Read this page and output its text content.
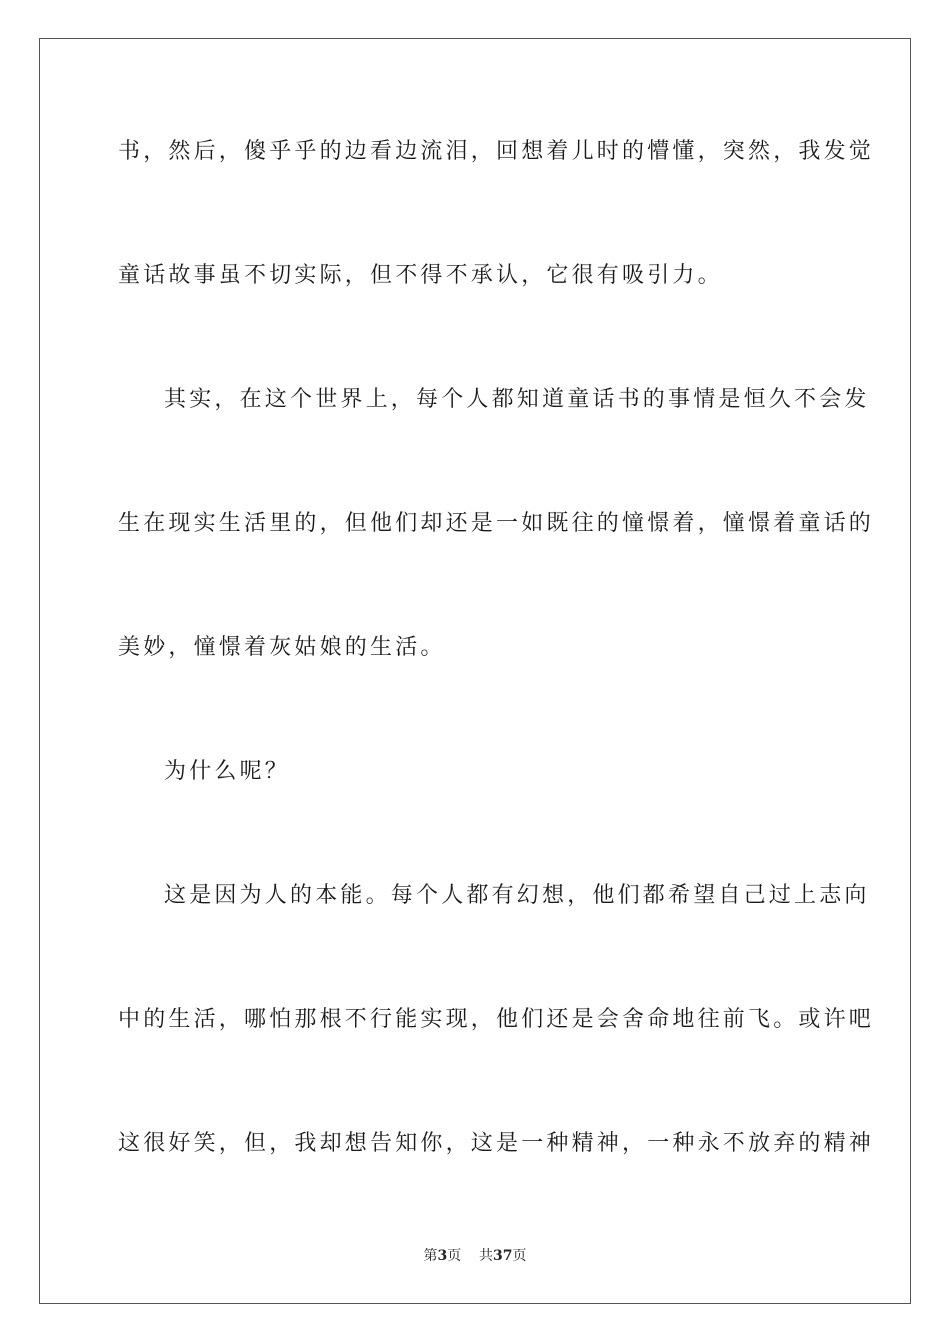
书，然后，傻乎乎的边看边流泪，回想着儿时的懵懂，突然，我发觉
童话故事虽不切实际，但不得不承认，它很有吸引力。
其实，在这个世界上，每个人都知道童话书的事情是恒久不会发
生在现实生活里的，但他们却还是一如既往的憧憬着，憧憬着童话的
美妙，憧憬着灰姑娘的生活。
为什么呢？
这是因为人的本能。每个人都有幻想，他们都希望自己过上志向
中的生活，哪怕那根不行能实现，他们还是会舍命地往前飞。或许吧
这很好笑，但，我却想告知你，这是一种精神，一种永不放弃的精神
第3页 共37页
